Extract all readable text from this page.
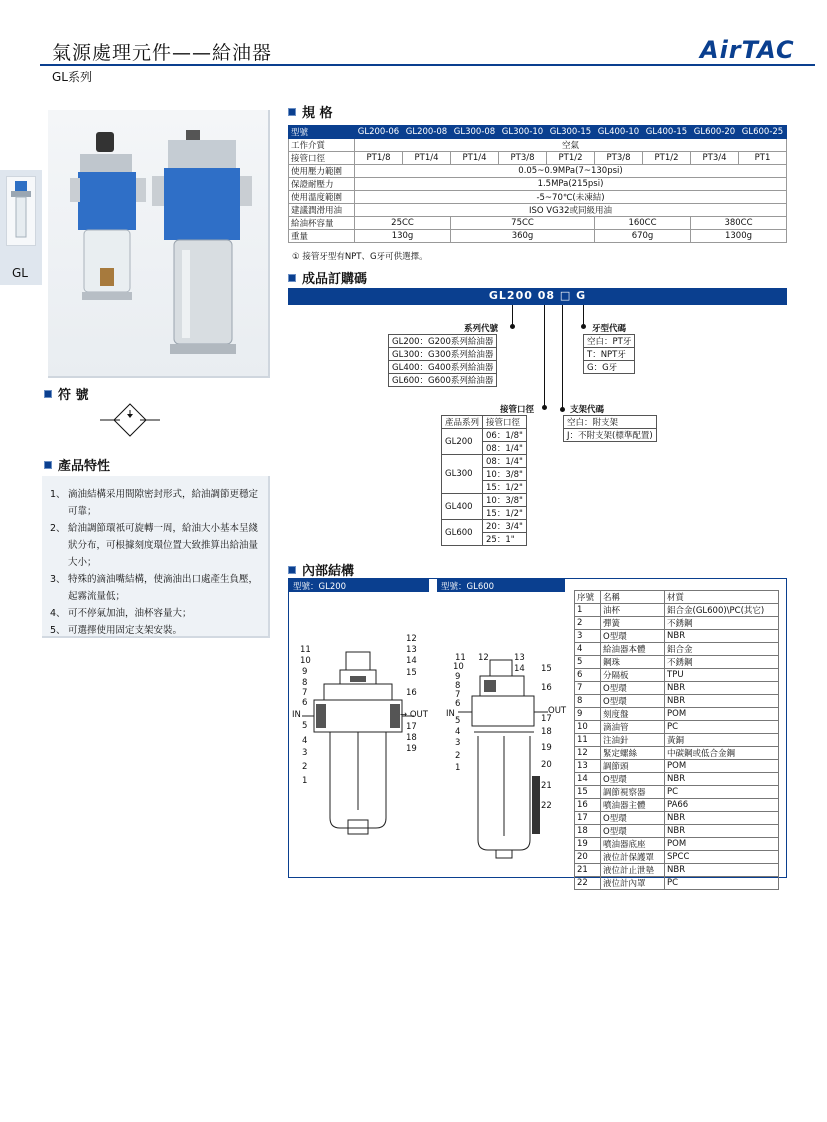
氣源處理元件——給油器
GL系列
AirTAC
GL
符 號
產品特性
1、 滴油結構采用間隙密封形式，給油調節更穩定可靠；
2、 給油調節環衹可旋轉一周，給油大小基本呈綫狀分布，可根據刻度環位置大致推算出給油量大小；
3、 特殊的滴油嘴結構，使滴油出口處產生負壓，起霧流量低；
4、 可不停氣加油，油杯容量大；
5、 可選擇使用固定支架安裝。
規 格
型號	GL200-06	GL200-08	GL300-08	GL300-10	GL300-15	GL400-10	GL400-15	GL600-20	GL600-25
工作介質	空氣								
接管口徑	PT1/8	PT1/4	PT1/4	PT3/8	PT1/2	PT3/8	PT1/2	PT3/4	PT1
使用壓力範圍	0.05~0.9MPa(7~130psi)								
保證耐壓力	1.5MPa(215psi)								
使用溫度範圍	-5~70℃(未凍結)								
建議潤滑用油	ISO VG32或同級用油								
給油杯容量	25CC		75CC			160CC		380CC	
重量	130g		360g			670g		1300g	
① 接管牙型有NPT、G牙可供選擇。
成品訂購碼
GL200 08 □ G
系列代號
GL200：G200系列給油器
GL300：G300系列給油器
GL400：G400系列給油器
GL600：G600系列給油器
牙型代碼
空白：PT牙
T：NPT牙
G：G牙
接管口徑
產品系列	接管口徑
GL200	06：1/8"
	08：1/4"
GL300	08：1/4"
	10：3/8"
	15：1/2"
GL400	10：3/8"
	15：1/2"
GL600	20：3/4"
	25：1"
支架代碼
空白：附支架
J：不附支架(標準配置)
內部結構
型號：GL200	型號：GL600
11
10
9
8
7
6
IN
5
4
3
2
1
12
13
14
15
16
→ OUT
17
18
19
11 12	13
10	14 15
9
8	16
7
6
OUT
IN
5	17
18
4
3	19
2
1	20
21
22
序號	名稱	材質
1	油杯	鋁合金(GL600)\PC(其它)
2	彈簧	不銹鋼
3	O型環	NBR
4	給油器本體	鋁合金
5	鋼珠	不銹鋼
6	分隔板	TPU
7	O型環	NBR
8	O型環	NBR
9	刻度盤	POM
10	滴油管	PC
11	注油針	黃銅
12	緊定螺絲	中碳鋼或低合金鋼
13	調節頭	POM
14	O型環	NBR
15	調節視察器	PC
16	噴油器主體	PA66
17	O型環	NBR
18	O型環	NBR
19	噴油器底座	POM
20	液位計保護罩	SPCC
21	液位計止泄墊	NBR
22	液位計內罩	PC
